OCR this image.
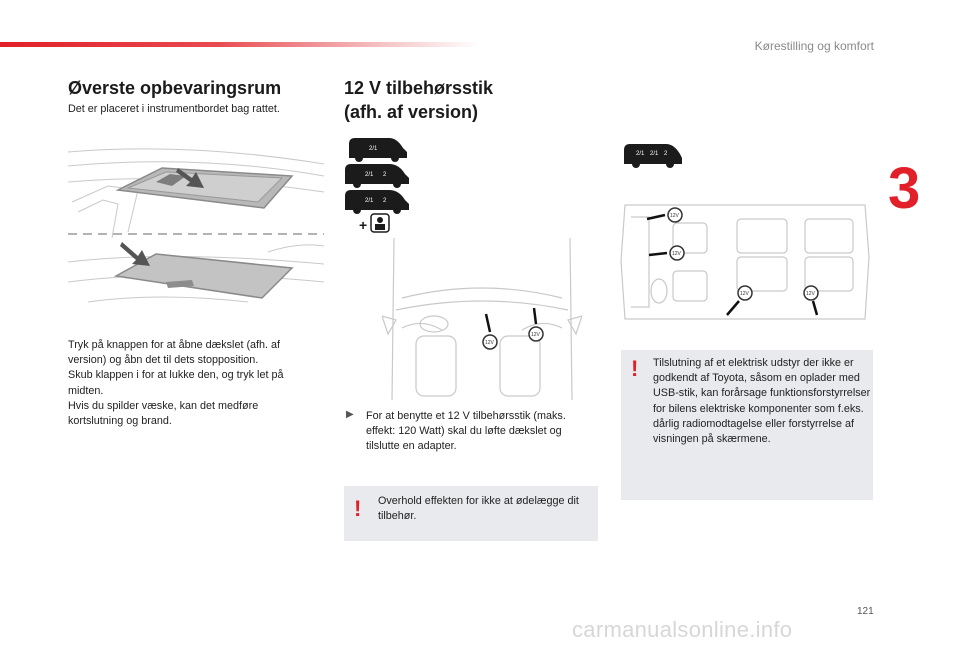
Kørestilling og komfort
3
Øverste opbevaringsrum
Det er placeret i instrumentbordet bag rattet.
Tryk på knappen for at åbne dækslet (afh. af
version) og åbn det til dets stopposition.
Skub klappen i for at lukke den, og tryk let på
midten.
Hvis du spilder væske, kan det medføre
kortslutning og brand.
12 V tilbehørsstik
(afh. af version)
2/1
2/1 2
2/1 2
+
12V
12V
▶ For at benytte et 12 V tilbehørsstik (maks. effekt: 120 Watt) skal du løfte dækslet og tilslutte en adapter.
! Overhold effekten for ikke at ødelægge dit tilbehør.
2/1 2/1 2
12V
12V
12V	12V
! Tilslutning af et elektrisk udstyr der ikke er godkendt af Toyota, såsom en oplader med USB-stik, kan forårsage funktionsforstyrrelser for bilens elektriske komponenter som f.eks. dårlig radiomodtagelse eller forstyrrelse af visningen på skærmene.
121
carmanualsonline.info
